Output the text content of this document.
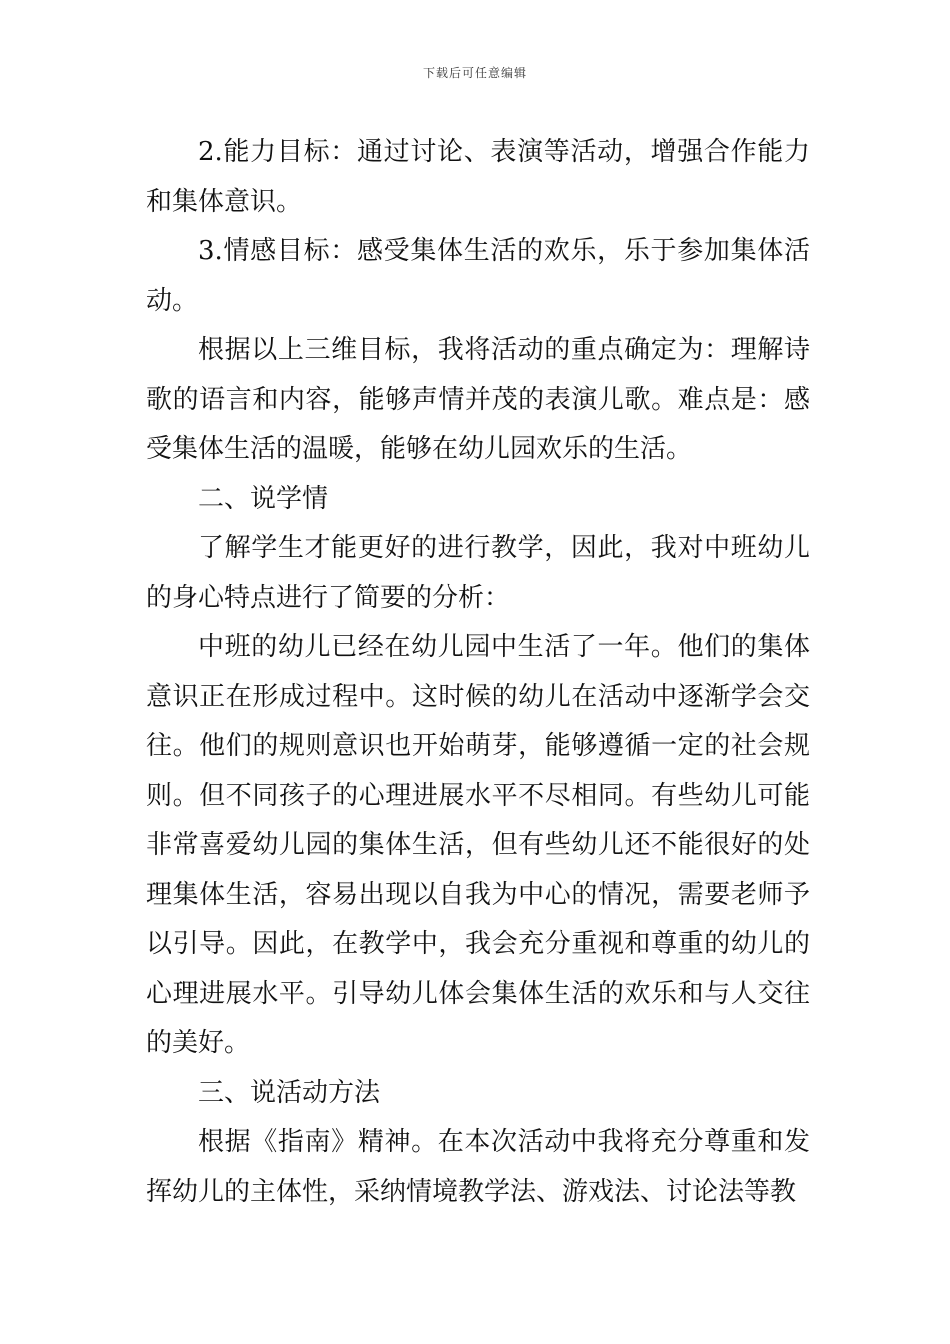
下载后可任意编辑

2.能力目标：通过讨论、表演等活动，增强合作能力和集体意识。

3.情感目标：感受集体生活的欢乐，乐于参加集体活动。

根据以上三维目标，我将活动的重点确定为：理解诗歌的语言和内容，能够声情并茂的表演儿歌。难点是：感受集体生活的温暖，能够在幼儿园欢乐的生活。

二、说学情

了解学生才能更好的进行教学，因此，我对中班幼儿的身心特点进行了简要的分析：

中班的幼儿已经在幼儿园中生活了一年。他们的集体意识正在形成过程中。这时候的幼儿在活动中逐渐学会交往。他们的规则意识也开始萌芽，能够遵循一定的社会规则。但不同孩子的心理进展水平不尽相同。有些幼儿可能非常喜爱幼儿园的集体生活，但有些幼儿还不能很好的处理集体生活，容易出现以自我为中心的情况，需要老师予以引导。因此，在教学中，我会充分重视和尊重的幼儿的心理进展水平。引导幼儿体会集体生活的欢乐和与人交往的美好。

三、说活动方法

根据《指南》精神。在本次活动中我将充分尊重和发挥幼儿的主体性，采纳情境教学法、游戏法、讨论法等教
